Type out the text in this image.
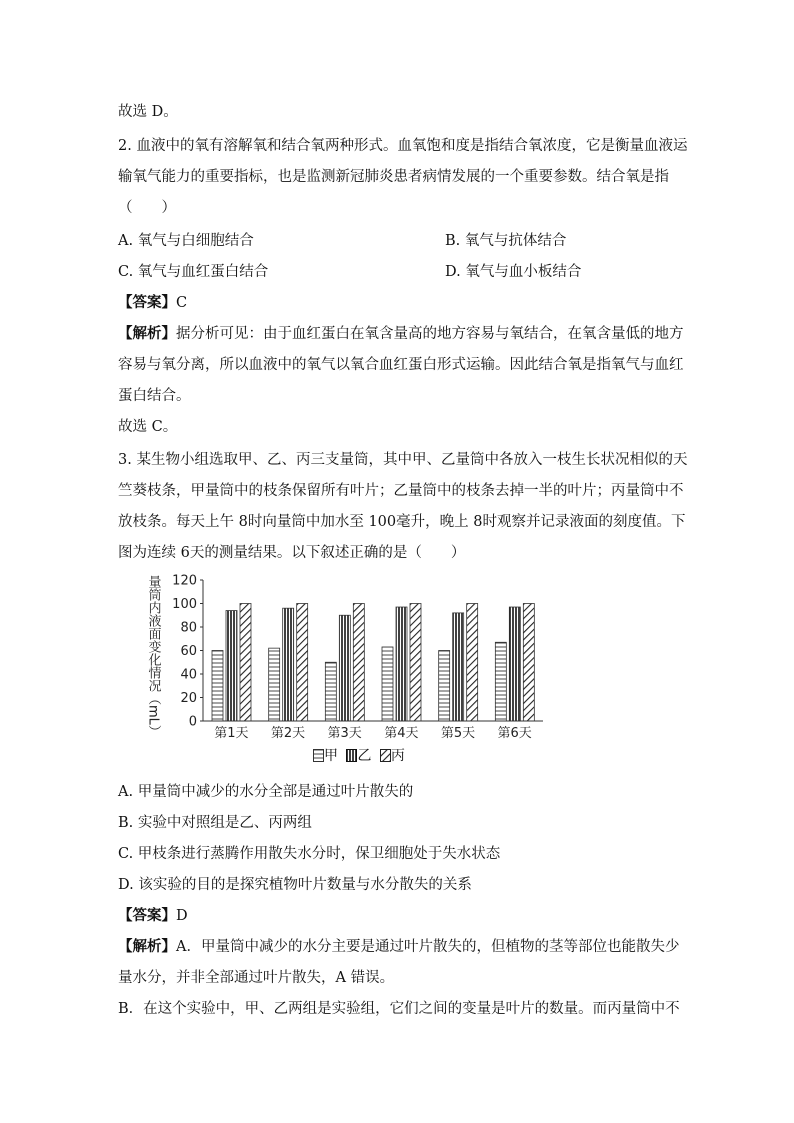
故选 D。
2. 血液中的氧有溶解氧和结合氧两种形式。血氧饱和度是指结合氧浓度，它是衡量血液运
输氧气能力的重要指标，也是监测新冠肺炎患者病情发展的一个重要参数。结合氧是指
（　　）
A. 氧气与白细胞结合	B. 氧气与抗体结合
C. 氧气与血红蛋白结合	D. 氧气与血小板结合
【答案】C
【解析】据分析可见：由于血红蛋白在氧含量高的地方容易与氧结合，在氧含量低的地方
容易与氧分离，所以血液中的氧气以氧合血红蛋白形式运输。因此结合氧是指氧气与血红
蛋白结合。
故选 C。
3. 某生物小组选取甲、乙、丙三支量筒，其中甲、乙量筒中各放入一枝生长状况相似的天
竺葵枝条，甲量筒中的枝条保留所有叶片；乙量筒中的枝条去掉一半的叶片；丙量筒中不
放枝条。每天上午 8时向量筒中加水至 100毫升，晚上 8时观察并记录液面的刻度值。下
图为连续 6天的测量结果。以下叙述正确的是（　　）
量筒内液面变化情况（mL） 0
20
40
60
80
100
120
第1天 第2天 第3天 第4天 第5天 第6天
甲 乙 丙
A. 甲量筒中减少的水分全部是通过叶片散失的
B. 实验中对照组是乙、丙两组
C. 甲枝条进行蒸腾作用散失水分时，保卫细胞处于失水状态
D. 该实验的目的是探究植物叶片数量与水分散失的关系
【答案】D
【解析】A．甲量筒中减少的水分主要是通过叶片散失的，但植物的茎等部位也能散失少
量水分，并非全部通过叶片散失，A 错误。
B．在这个实验中，甲、乙两组是实验组，它们之间的变量是叶片的数量。而丙量筒中不
